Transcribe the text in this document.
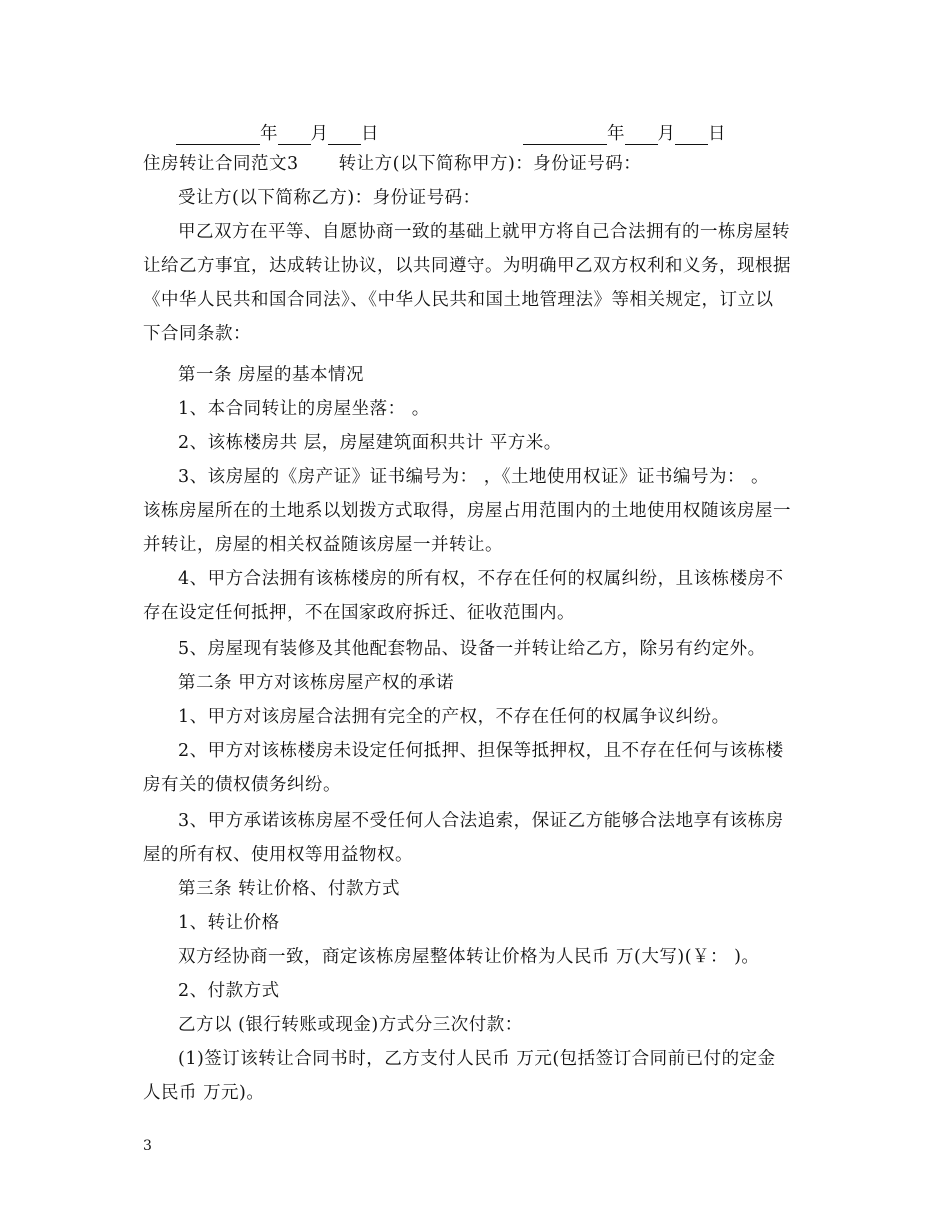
年 月 日	年 月 日
住房转让合同范文3 转让方(以下简称甲方)：身份证号码：
受让方(以下简称乙方)：身份证号码：
甲乙双方在平等、自愿协商一致的基础上就甲方将自己合法拥有的一栋房屋转
让给乙方事宜，达成转让协议，以共同遵守。为明确甲乙双方权利和义务，现根据
《中华人民共和国合同法》、《中华人民共和国土地管理法》等相关规定，订立以
下合同条款：
第一条 房屋的基本情况
1、本合同转让的房屋坐落： 。
2、该栋楼房共 层，房屋建筑面积共计 平方米。
3、该房屋的《房产证》证书编号为： ，《土地使用权证》证书编号为： 。
该栋房屋所在的土地系以划拨方式取得，房屋占用范围内的土地使用权随该房屋一
并转让，房屋的相关权益随该房屋一并转让。
4、甲方合法拥有该栋楼房的所有权，不存在任何的权属纠纷，且该栋楼房不
存在设定任何抵押，不在国家政府拆迁、征收范围内。
5、房屋现有装修及其他配套物品、设备一并转让给乙方，除另有约定外。
第二条 甲方对该栋房屋产权的承诺
1、甲方对该房屋合法拥有完全的产权，不存在任何的权属争议纠纷。
2、甲方对该栋楼房未设定任何抵押、担保等抵押权，且不存在任何与该栋楼
房有关的债权债务纠纷。
3、甲方承诺该栋房屋不受任何人合法追索，保证乙方能够合法地享有该栋房
屋的所有权、使用权等用益物权。
第三条 转让价格、付款方式
1、转让价格
双方经协商一致，商定该栋房屋整体转让价格为人民币 万(大写)(￥： )。
2、付款方式
乙方以 (银行转账或现金)方式分三次付款：
(1)签订该转让合同书时，乙方支付人民币 万元(包括签订合同前已付的定金
人民币 万元)。
3
